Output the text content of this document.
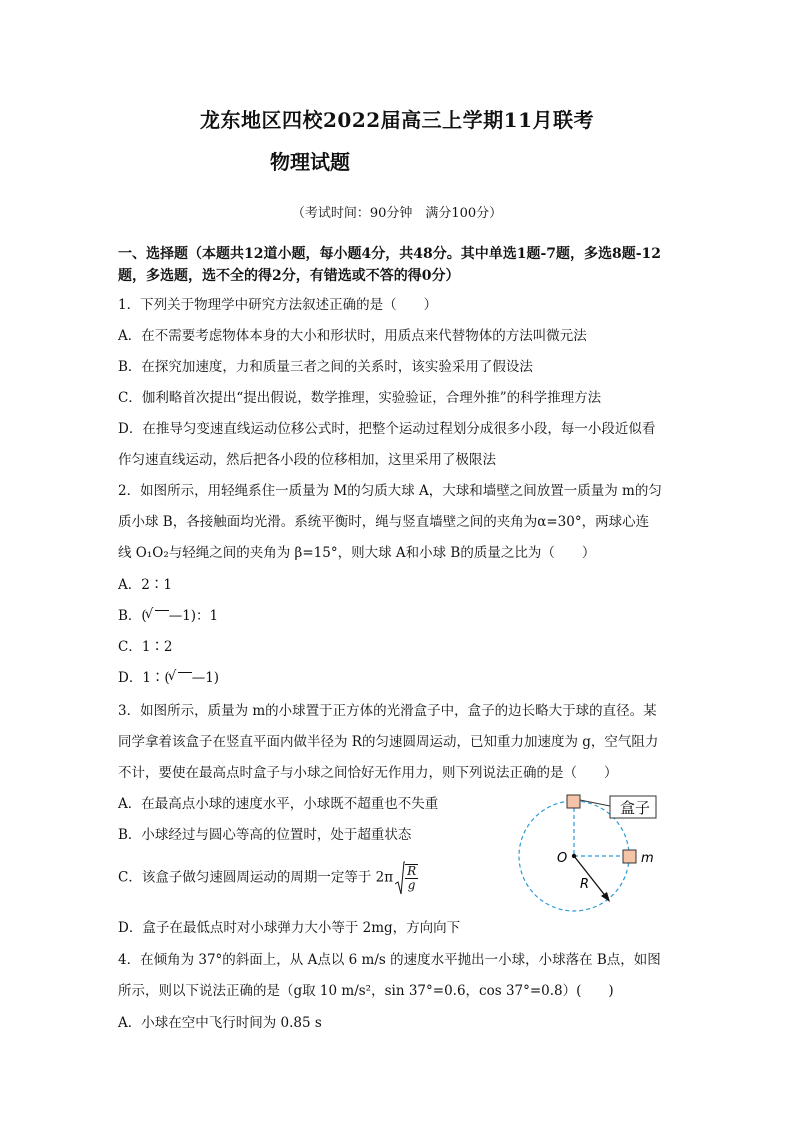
龙东地区四校2022届高三上学期11月联考
物理试题
（考试时间：90分钟　满分100分）
一、选择题（本题共12道小题，每小题4分，共48分。其中单选1题-7题，多选8题-12题，多选题，选不全的得2分，有错选或不答的得0分）
1．下列关于物理学中研究方法叙述正确的是（　　）
A．在不需要考虑物体本身的大小和形状时，用质点来代替物体的方法叫微元法
B．在探究加速度，力和质量三者之间的关系时，该实验采用了假设法
C．伽利略首次提出“提出假说，数学推理，实验验证，合理外推”的科学推理方法
D．在推导匀变速直线运动位移公式时，把整个运动过程划分成很多小段，每一小段近似看
作匀速直线运动，然后把各小段的位移相加，这里采用了极限法
2．如图所示，用轻绳系住一质量为 M的匀质大球 A，大球和墙壁之间放置一质量为 m的匀
质小球 B，各接触面均光滑。系统平衡时，绳与竖直墙壁之间的夹角为α=30°，两球心连
线 O₁O₂与轻绳之间的夹角为 β=15°，则大球 A和小球 B的质量之比为（　　）
A．2∶1
B．( √ —1)：1
C．1∶2
D．1∶( √ —1)
3．如图所示，质量为 m的小球置于正方体的光滑盒子中，盒子的边长略大于球的直径。某
同学拿着该盒子在竖直平面内做半径为 R的匀速圆周运动，已知重力加速度为 g，空气阻力
不计，要使在最高点时盒子与小球之间恰好无作用力，则下列说法正确的是（　　）
A．在最高点小球的速度水平，小球既不超重也不失重
B．小球经过与圆心等高的位置时，处于超重状态
C．该盒子做匀速圆周运动的周期一定等于 $2\pi \frac{R}{g}$
D．盒子在最低点时对小球弹力大小等于 2mg，方向向下
盒子
O	m
R
4．在倾角为 37°的斜面上，从 A点以 6 m/s 的速度水平抛出一小球，小球落在 B点，如图
所示，则以下说法正确的是（g取 10 m/s²，sin 37°=0.6，cos 37°=0.8）(　　)
A．小球在空中飞行时间为 0.85 s
